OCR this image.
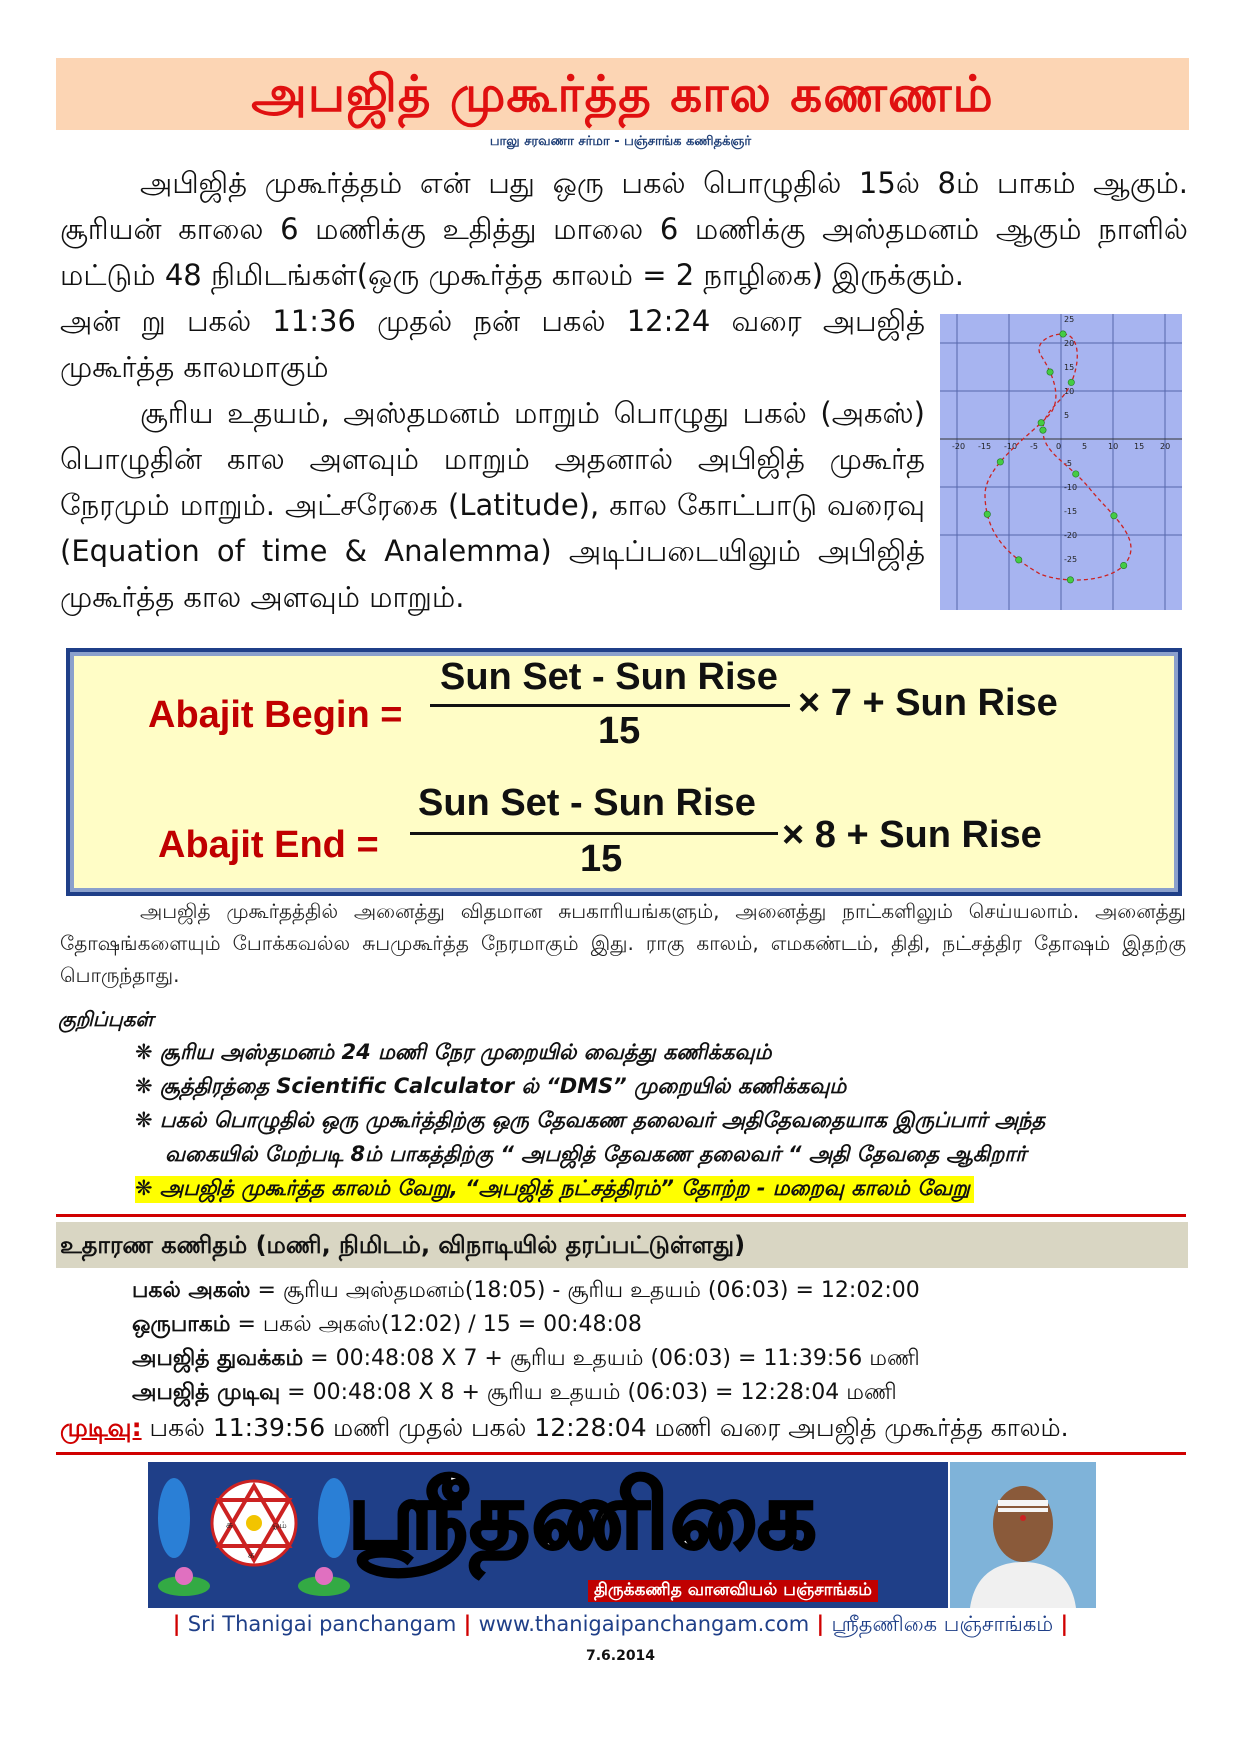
அபஜித் முகூர்த்த கால கணணம்
பாலு சரவணா சர்மா - பஞ்சாங்க கணிதக்ஞர்
அபிஜித் முகூர்த்தம் என் பது ஒரு பகல் பொழுதில் 15ல் 8ம் பாகம் ஆகும். சூரியன் காலை 6 மணிக்கு உதித்து மாலை 6 மணிக்கு அஸ்தமனம் ஆகும் நாளில் மட்டும் 48 நிமிடங்கள்(ஒரு முகூர்த்த காலம் = 2 நாழிகை) இருக்கும்.
அன் று பகல் 11:36 முதல் நன் பகல் 12:24 வரை அபஜித் முகூர்த்த காலமாகும்
சூரிய உதயம், அஸ்தமனம் மாறும் பொழுது பகல் (அகஸ்) பொழுதின் கால அளவும் மாறும் அதனால் அபிஜித் முகூர்த நேரமும் மாறும். அட்சரேகை (Latitude), கால கோட்பாடு வரைவு (Equation of time & Analemma) அடிப்படையிலும் அபிஜித் முகூர்த்த கால அளவும் மாறும்.
-20 -15 -10 -5 0	5	10 15 20
25
20
15
10
5
-5
-10
-15
-20
-25
Abajit Begin =
Sun Set - Sun Rise
15
× 7 + Sun Rise
Abajit End =
Sun Set - Sun Rise
15
× 8 + Sun Rise
அபஜித் முகூர்தத்தில் அனைத்து விதமான சுபகாரியங்களும், அனைத்து நாட்களிலும் செய்யலாம். அனைத்து தோஷங்களையும் போக்கவல்ல சுபமுகூர்த்த நேரமாகும் இது. ராகு காலம், எமகண்டம், திதி, நட்சத்திர தோஷம் இதற்கு பொருந்தாது.
குறிப்புகள்
❋ சூரிய அஸ்தமனம் 24 மணி நேர முறையில் வைத்து கணிக்கவும்
❋ சூத்திரத்தை Scientific Calculator ல் “DMS” முறையில் கணிக்கவும்
❋ பகல் பொழுதில் ஒரு முகூர்த்திற்கு ஒரு தேவகண தலைவர் அதிதேவதையாக இருப்பார் அந்த
வகையில் மேற்படி 8ம் பாகத்திற்கு “ அபஜித் தேவகண தலைவர் “ அதி தேவதை ஆகிறார்
❋ அபஜித் முகூர்த்த காலம் வேறு, “அபஜித் நட்சத்திரம்” தோற்ற - மறைவு காலம் வேறு
உதாரண கணிதம் (மணி, நிமிடம், விநாடியில் தரப்பட்டுள்ளது)
பகல் அகஸ் = சூரிய அஸ்தமனம்(18:05) - சூரிய உதயம் (06:03) = 12:02:00
ஒருபாகம் = பகல் அகஸ்(12:02) / 15 = 00:48:08
அபஜித் துவக்கம் = 00:48:08 X 7 + சூரிய உதயம் (06:03) = 11:39:56 மணி
அபஜித் முடிவு = 00:48:08 X 8 + சூரிய உதயம் (06:03) = 12:28:04 மணி
முடிவு: பகல் 11:39:56 மணி முதல் பகல் 12:28:04 மணி வரை அபஜித் முகூர்த்த காலம்.
சு	ஓம்
க ஸ்ரீதணிகை
திருக்கணித வானவியல் பஞ்சாங்கம்
| Sri Thanigai panchangam | www.thanigaipanchangam.com | ஸ்ரீதணிகை பஞ்சாங்கம் |
7.6.2014
